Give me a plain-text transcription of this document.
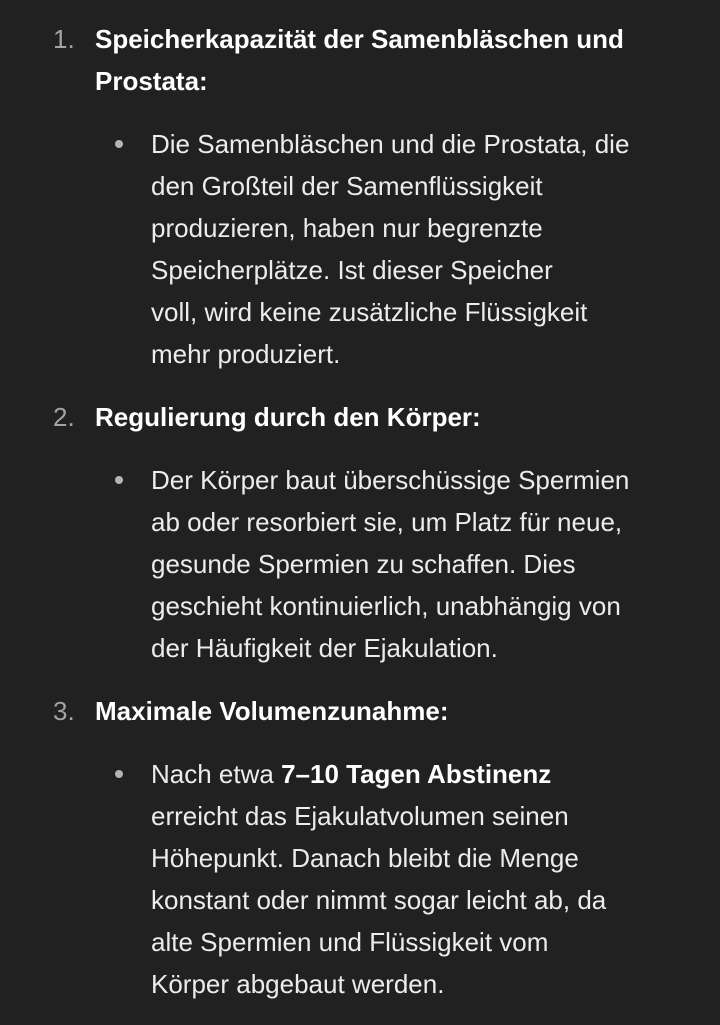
1. Speicherkapazität der Samenbläschen und
Prostata:
Die Samenbläschen und die Prostata, die
den Großteil der Samenflüssigkeit
produzieren, haben nur begrenzte
Speicherplätze. Ist dieser Speicher
voll, wird keine zusätzliche Flüssigkeit
mehr produziert.
2. Regulierung durch den Körper:
Der Körper baut überschüssige Spermien
ab oder resorbiert sie, um Platz für neue,
gesunde Spermien zu schaffen. Dies
geschieht kontinuierlich, unabhängig von
der Häufigkeit der Ejakulation.
3. Maximale Volumenzunahme:
Nach etwa 7–10 Tagen Abstinenz
erreicht das Ejakulatvolumen seinen
Höhepunkt. Danach bleibt die Menge
konstant oder nimmt sogar leicht ab, da
alte Spermien und Flüssigkeit vom
Körper abgebaut werden.
